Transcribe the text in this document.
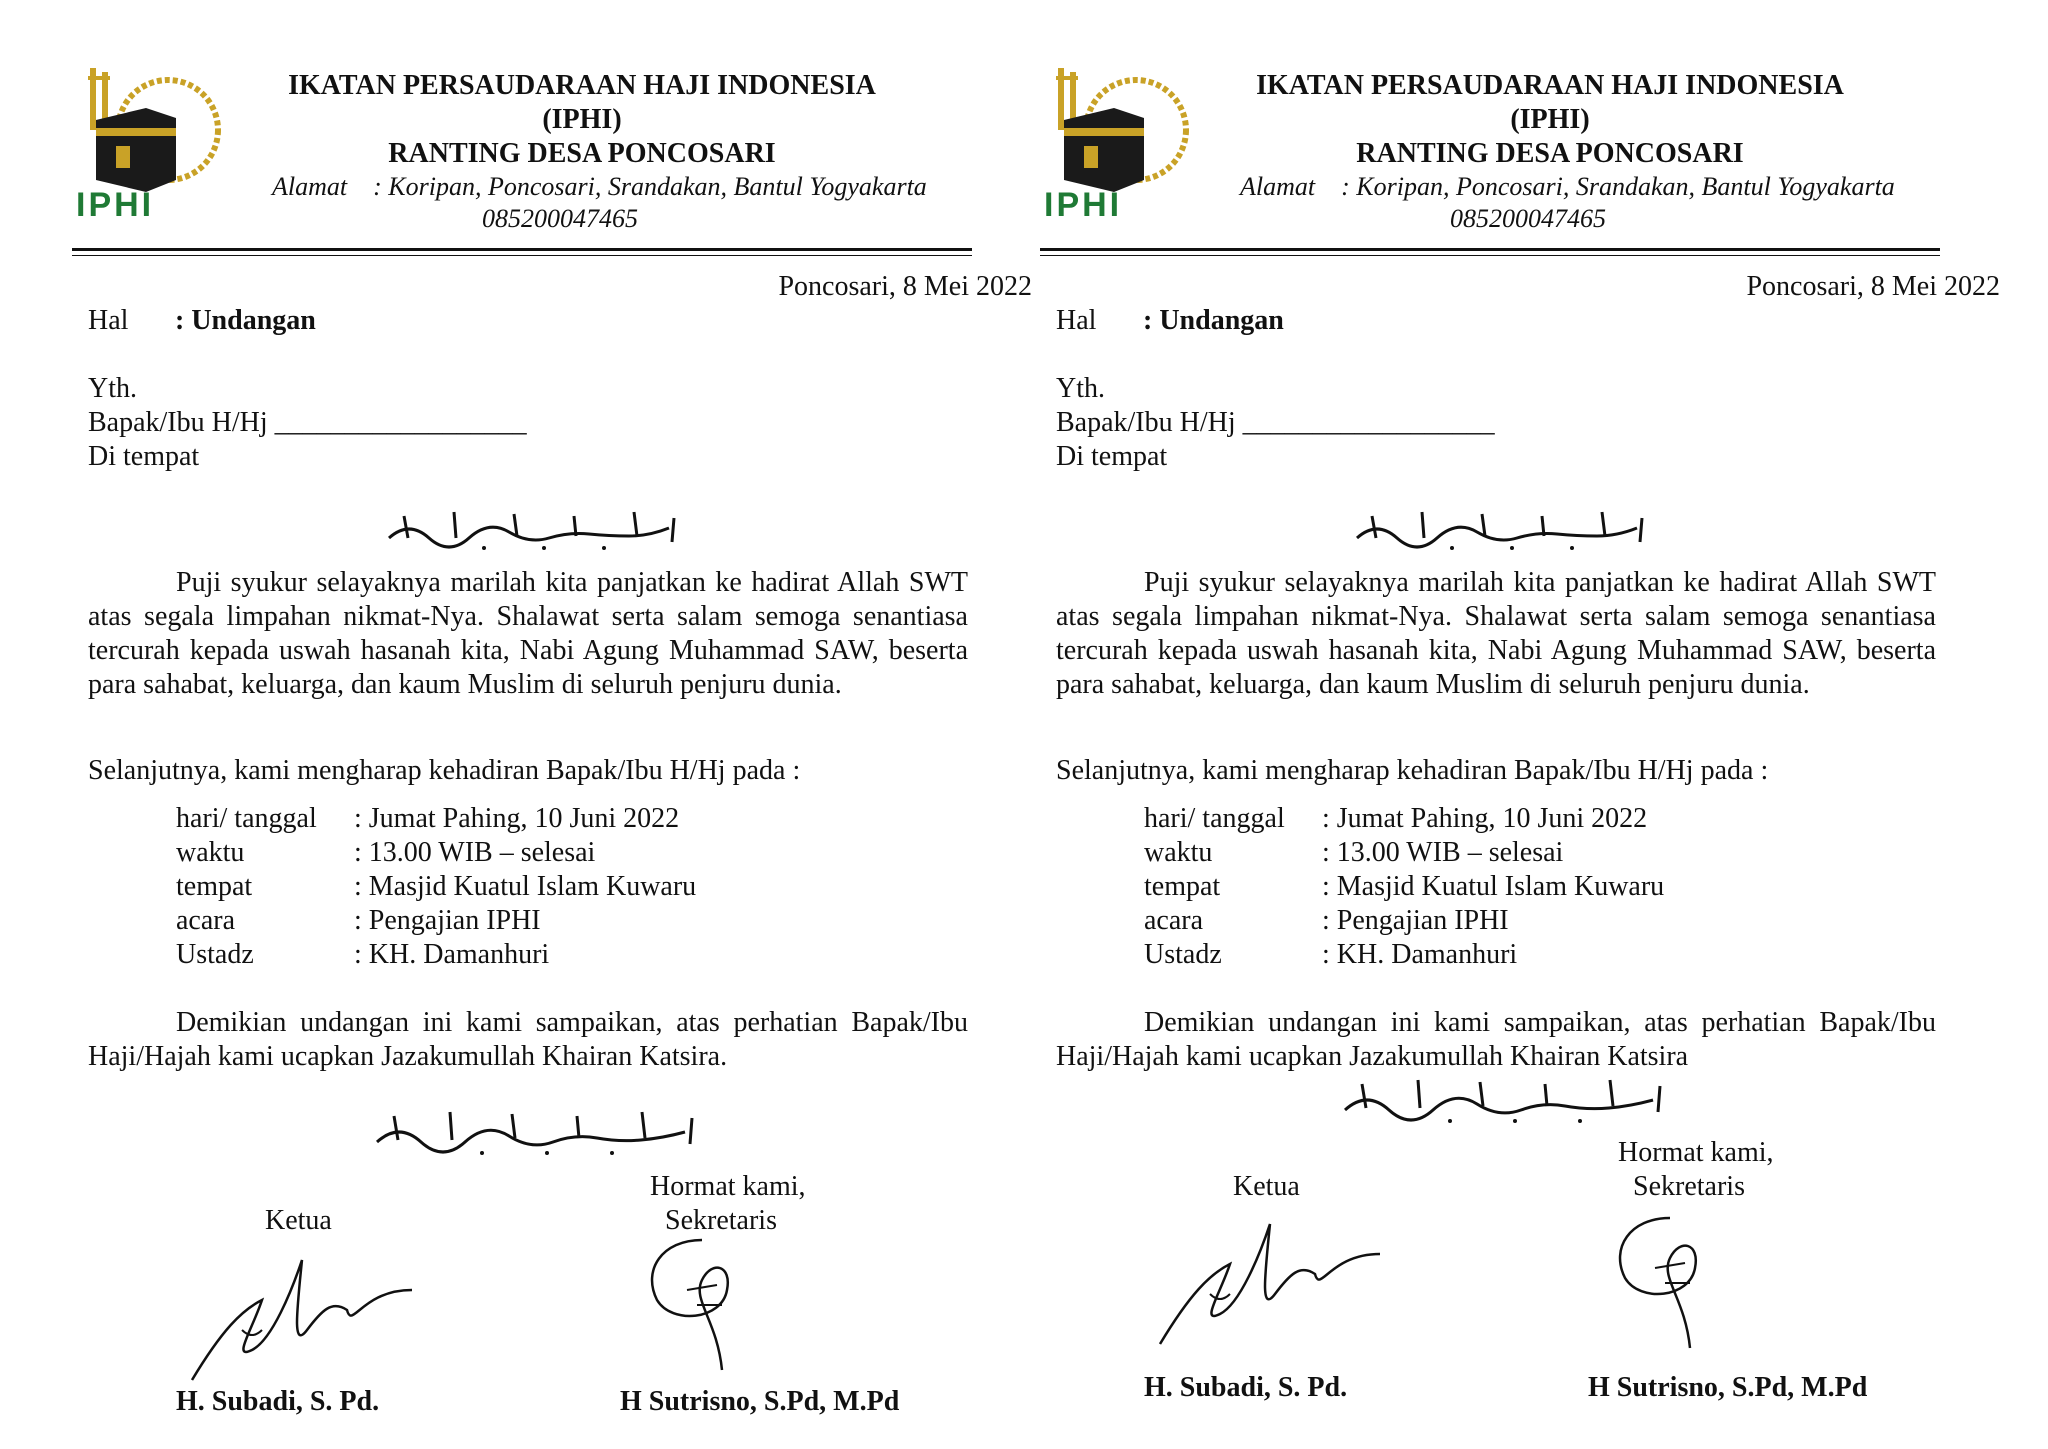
IPHI
IKATAN PERSAUDARAAN HAJI INDONESIA
(IPHI)
RANTING DESA PONCOSARI
Alamat    : Koripan, Poncosari, Srandakan, Bantul Yogyakarta
085200047465
Poncosari, 8 Mei 2022
Hal : Undangan
Yth.
Bapak/Ibu H/Hj __________________
Di tempat
Puji syukur selayaknya marilah kita panjatkan ke hadirat Allah SWT atas segala limpahan nikmat-Nya. Shalawat serta salam semoga senantiasa tercurah kepada uswah hasanah kita, Nabi Agung Muhammad SAW, beserta para sahabat, keluarga, dan kaum Muslim di seluruh penjuru dunia.
Selanjutnya, kami mengharap kehadiran Bapak/Ibu H/Hj pada :
hari/ tanggal	: Jumat Pahing, 10 Juni 2022
waktu	: 13.00 WIB – selesai
tempat	: Masjid Kuatul Islam Kuwaru
acara	: Pengajian IPHI
Ustadz	: KH. Damanhuri
Demikian undangan ini kami sampaikan, atas perhatian Bapak/Ibu Haji/Hajah kami ucapkan Jazakumullah Khairan Katsira.
Hormat kami,
Ketua	Sekretaris
H. Subadi, S. Pd.	H Sutrisno, S.Pd, M.Pd
IPHI
IKATAN PERSAUDARAAN HAJI INDONESIA
(IPHI)
RANTING DESA PONCOSARI
Alamat    : Koripan, Poncosari, Srandakan, Bantul Yogyakarta
085200047465
Poncosari, 8 Mei 2022
Hal : Undangan
Yth.
Bapak/Ibu H/Hj __________________
Di tempat
Puji syukur selayaknya marilah kita panjatkan ke hadirat Allah SWT atas segala limpahan nikmat-Nya. Shalawat serta salam semoga senantiasa tercurah kepada uswah hasanah kita, Nabi Agung Muhammad SAW, beserta para sahabat, keluarga, dan kaum Muslim di seluruh penjuru dunia.
Selanjutnya, kami mengharap kehadiran Bapak/Ibu H/Hj pada :
hari/ tanggal	: Jumat Pahing, 10 Juni 2022
waktu	: 13.00 WIB – selesai
tempat	: Masjid Kuatul Islam Kuwaru
acara	: Pengajian IPHI
Ustadz	: KH. Damanhuri
Demikian undangan ini kami sampaikan, atas perhatian Bapak/Ibu Haji/Hajah kami ucapkan Jazakumullah Khairan Katsira
Hormat kami,
Ketua	Sekretaris
H. Subadi, S. Pd.	H Sutrisno, S.Pd, M.Pd
